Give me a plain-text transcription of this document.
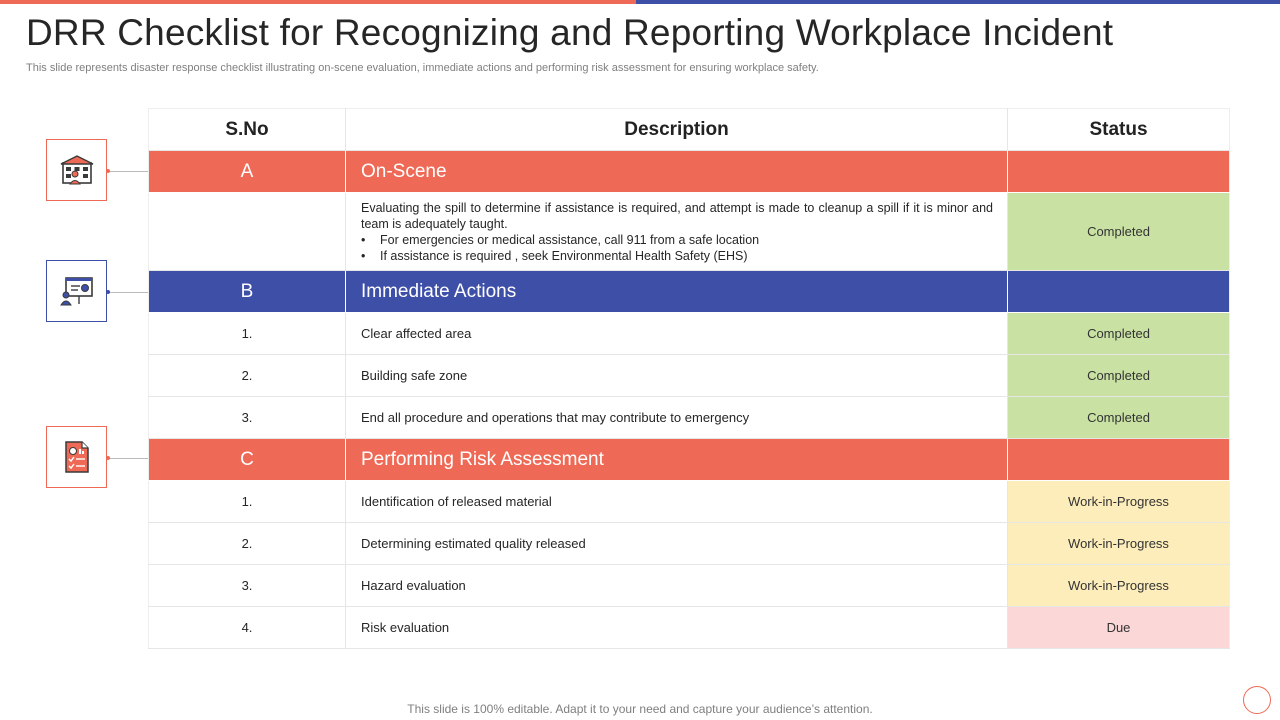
DRR Checklist for Recognizing and Reporting Workplace Incident
This slide represents disaster response checklist illustrating on-scene evaluation, immediate actions and performing risk assessment for ensuring workplace safety.
S.No	Description	Status
A	On-Scene	

	Evaluating the spill to determine if assistance is required, and attempt is made to cleanup a spill if it is minor and team is adequately taught.
• For emergencies or medical assistance, call 911 from a safe location
• If assistance is required , seek Environmental Health Safety (EHS)	Completed
B	Immediate Actions	
1.	Clear affected area	Completed
2.	Building safe zone	Completed
3.	End all procedure and operations that may contribute to emergency	Completed
C	Performing Risk Assessment	
1.	Identification of released material	Work-in-Progress
2.	Determining estimated quality released	Work-in-Progress
3.	Hazard evaluation	Work-in-Progress
4.	Risk evaluation	Due
This slide is 100% editable. Adapt it to your need and capture your audience’s attention.
